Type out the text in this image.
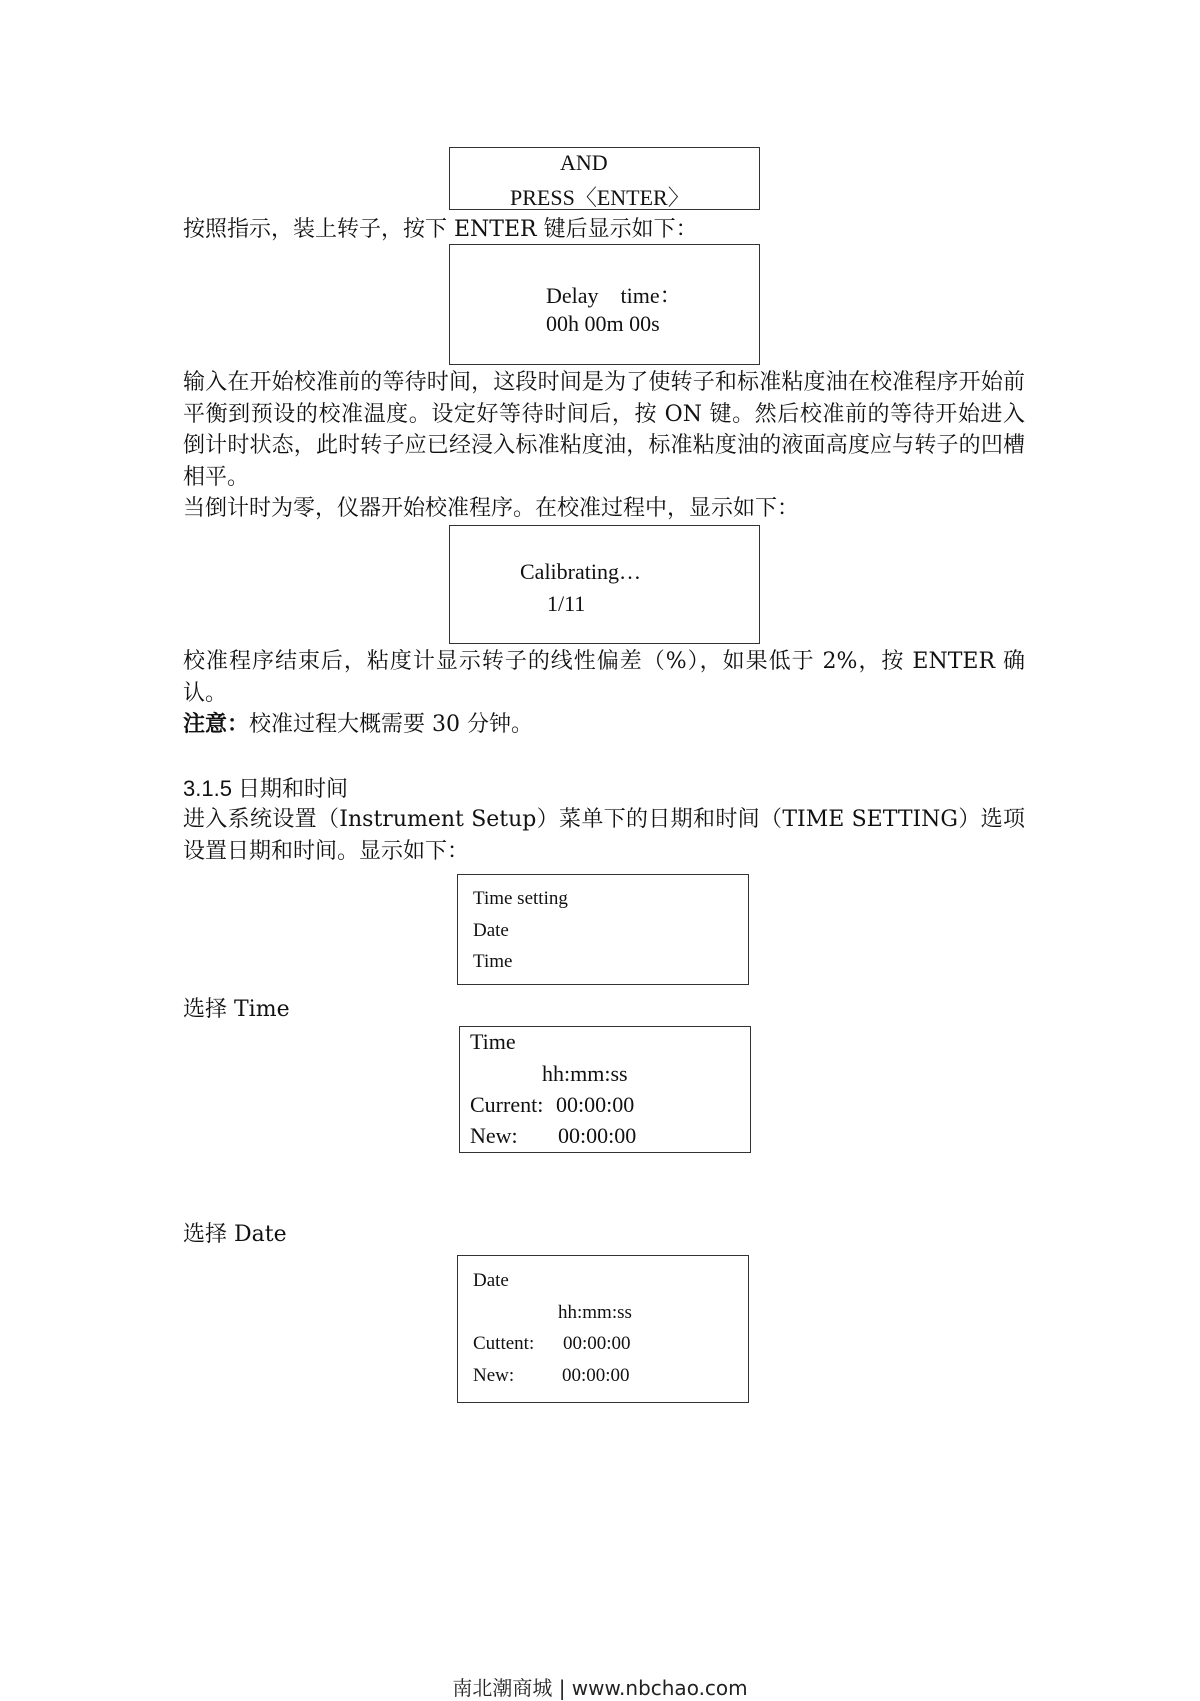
AND
PRESS〈ENTER〉
按照指示，装上转子，按下 ENTER 键后显示如下：
Delay    time：
00h 00m 00s
输入在开始校准前的等待时间，这段时间是为了使转子和标准粘度油在校准程序开始前平衡到预设的校准温度。设定好等待时间后，按 ON 键。然后校准前的等待开始进入倒计时状态，此时转子应已经浸入标准粘度油，标准粘度油的液面高度应与转子的凹槽相平。
当倒计时为零，仪器开始校准程序。在校准过程中，显示如下：
Calibrating…
1/11
校准程序结束后，粘度计显示转子的线性偏差（%），如果低于 2%，按 ENTER 确认。
注意：校准过程大概需要 30 分钟。
3.1.5 日期和时间
进入系统设置（Instrument Setup）菜单下的日期和时间（TIME SETTING）选项设置日期和时间。显示如下：
Time setting
Date
Time
选择 Time
Time
hh:mm:ss
Current: 00:00:00
New: 00:00:00
选择 Date
Date
hh:mm:ss
Cuttent: 00:00:00
New:	00:00:00
南北潮商城 | www.nbchao.com
